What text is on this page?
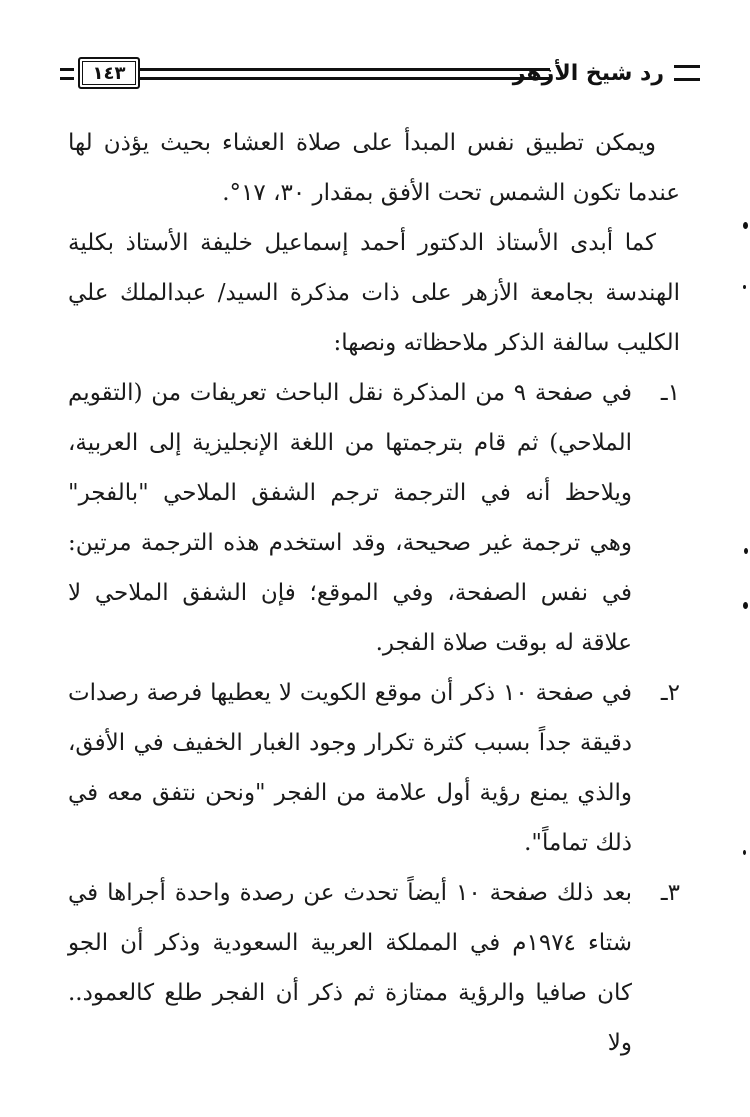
١٤٣	رد شيخ الأزهر

ويمكن تطبيق نفس المبدأ على صلاة العشاء بحيث يؤذن لها عندما تكون الشمس تحت الأفق بمقدار ٣٠، ١٧°.

كما أبدى الأستاذ الدكتور أحمد إسماعيل خليفة الأستاذ بكلية الهندسة بجامعة الأزهر على ذات مذكرة السيد/ عبدالملك علي الكليب سالفة الذكر ملاحظاته ونصها:

١ـ
في صفحة ٩ من المذكرة نقل الباحث تعريفات من (التقويم الملاحي) ثم قام بترجمتها من اللغة الإنجليزية إلى العربية، ويلاحظ أنه في الترجمة ترجم الشفق الملاحي "بالفجر" وهي ترجمة غير صحيحة، وقد استخدم هذه الترجمة مرتين: في نفس الصفحة، وفي الموقع؛ فإن الشفق الملاحي لا علاقة له بوقت صلاة الفجر.
٢ـ
في صفحة ١٠ ذكر أن موقع الكويت لا يعطيها فرصة رصدات دقيقة جداً بسبب كثرة تكرار وجود الغبار الخفيف في الأفق، والذي يمنع رؤية أول علامة من الفجر "ونحن نتفق معه في ذلك تماماً".
٣ـ
بعد ذلك صفحة ١٠ أيضاً تحدث عن رصدة واحدة أجراها في شتاء ١٩٧٤م في المملكة العربية السعودية وذكر أن الجو كان صافيا والرؤية ممتازة ثم ذكر أن الفجر طلع كالعمود.. ولا
